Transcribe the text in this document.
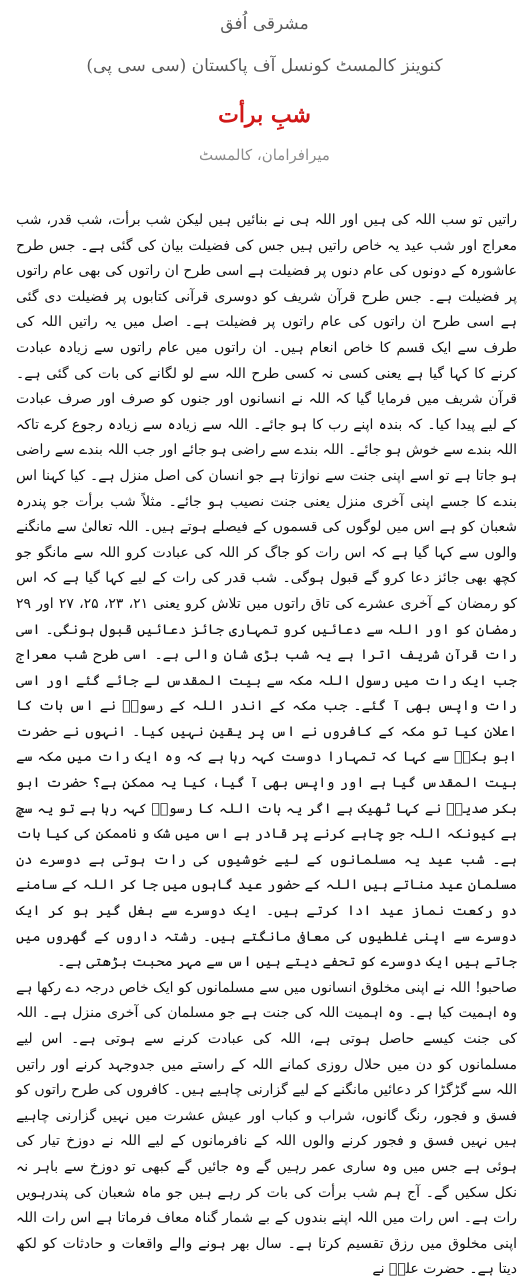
مشرقی اُفق
کنوینز کالمسٹ کونسل آف پاکستان (سی سی پی)
شبِ برأت
میرافرامان، کالمسٹ

راتیں تو سب اللہ کی ہیں اور اللہ ہی نے بنائیں ہیں لیکن شب برأت، شب قدر، شب معراج اور شب عید یہ خاص راتیں ہیں جس کی فضیلت بیان کی گئی ہے۔ جس طرح عاشورہ کے دونوں کی عام دنوں پر فضیلت ہے اسی طرح ان راتوں کی بھی عام راتوں پر فضیلت ہے۔ جس طرح قرآن شریف کو دوسری قرآنی کتابوں پر فضیلت دی گئی ہے اسی طرح ان راتوں کی عام راتوں پر فضیلت ہے۔ اصل میں یہ راتیں اللہ کی طرف سے ایک قسم کا خاص انعام ہیں۔ ان راتوں میں عام راتوں سے زیادہ عبادت کرنے کا کہا گیا ہے یعنی کسی نہ کسی طرح اللہ سے لو لگانے کی بات کی گئی ہے۔ قرآن شریف میں فرمایا گیا کہ اللہ نے انسانوں اور جنوں کو صرف اور صرف عبادت کے لیے پیدا کیا۔ کہ بندہ اپنے رب کا ہو جائے۔ اللہ سے زیادہ سے زیادہ رجوع کرے تاکہ اللہ بندے سے خوش ہو جائے۔ اللہ بندے سے راضی ہو جائے اور جب اللہ بندے سے راضی ہو جاتا ہے تو اسے اپنی جنت سے نوازتا ہے جو انسان کی اصل منزل ہے۔ کیا کہنا اس بندے کا جسے اپنی آخری منزل یعنی جنت نصیب ہو جائے۔ مثلاً شب برأت جو پندرہ شعبان کو ہے اس میں لوگوں کی قسموں کے فیصلے ہوتے ہیں۔ اللہ تعالیٰ سے مانگنے والوں سے کہا گیا ہے کہ اس رات کو جاگ کر اللہ کی عبادت کرو اللہ سے مانگو جو کچھ بھی جائز دعا کرو گے قبول ہوگی۔ شب قدر کی رات کے لیے کہا گیا ہے کہ اس کو رمضان کے آخری عشرے کی تاق راتوں میں تلاش کرو یعنی ۲۱، ۲۳، ۲۵، ۲۷ اور ۲۹ رمضان کو اور اللہ سے دعائیں کرو تمہاری جائز دعائیں قبول ہونگی۔ اسی رات قرآن شریف اترا ہے یہ شب بڑی شان والی ہے۔ اسی طرح شب معراج جب ایک رات میں رسول اللہ مکہ سے بیت المقدس لے جائے گئے اور اسی رات واپس بھی آ گئے۔ جب مکہ کے اندر اللہ کے رسولؐ نے اس بات کا اعلان کیا تو مکہ کے کافروں نے اس پر یقین نہیں کیا۔ انہوں نے حضرت ابو بکرؓ سے کہا کہ تمہارا دوست کہہ رہا ہے کہ وہ ایک رات میں مکہ سے بیت المقدس گیا ہے اور واپس بھی آ گیا، کیا یہ ممکن ہے؟ حضرت ابو بکر صدیقؓ نے کہا ٹھیک ہے اگر یہ بات اللہ کا رسولؐ کہہ رہا ہے تو یہ سچ ہے کیونکہ اللہ جو چاہے کرنے پر قادر ہے اس میں شک و ناممکن کی کیا بات ہے۔ شب عید یہ مسلمانوں کے لیے خوشیوں کی رات ہوتی ہے دوسرے دن مسلمان عید مناتے ہیں اللہ کے حضور عید گاہوں میں جا کر اللہ کے سامنے دو رکعت نماز عید ادا کرتے ہیں۔ ایک دوسرے سے بغل گیر ہو کر ایک دوسرے سے اپنی غلطیوں کی معافی مانگتے ہیں۔ رشتہ داروں کے گھروں میں جاتے ہیں ایک دوسرے کو تحفے دیتے ہیں اس سے مہر محبت بڑھتی ہے۔

صاحبو! اللہ نے اپنی مخلوق انسانوں میں سے مسلمانوں کو ایک خاص درجہ دے رکھا ہے وہ اہمیت کیا ہے۔ وہ اہمیت اللہ کی جنت ہے جو مسلمان کی آخری منزل ہے۔ اللہ کی جنت کیسے حاصل ہوتی ہے، اللہ کی عبادت کرنے سے ہوتی ہے۔ اس لیے مسلمانوں کو دن میں حلال روزی کمانے اللہ کے راستے میں جدوجہد کرنے اور راتیں اللہ سے گڑگڑا کر دعائیں مانگنے کے لیے گزارنی چاہیے ہیں۔ کافروں کی طرح راتوں کو فسق و فجور، رنگ گانوں، شراب و کباب اور عیش عشرت میں نہیں گزارنی چاہیے ہیں نہیں فسق و فجور کرنے والوں اللہ کے نافرمانوں کے لیے اللہ نے دوزخ تیار کی ہوئی ہے جس میں وہ ساری عمر رہیں گے وہ جائیں گے کبھی تو دوزخ سے باہر نہ نکل سکیں گے۔ آج ہم شب برأت کی بات کر رہے ہیں جو ماہ شعبان کی پندرہویں رات ہے۔ اس رات میں اللہ اپنے بندوں کے بے شمار گناہ معاف فرماتا ہے اس رات اللہ اپنی مخلوق میں رزق تقسیم کرتا ہے۔ سال بھر ہونے والے واقعات و حادثات کو لکھ دیتا ہے۔ حضرت علیؓ نے
